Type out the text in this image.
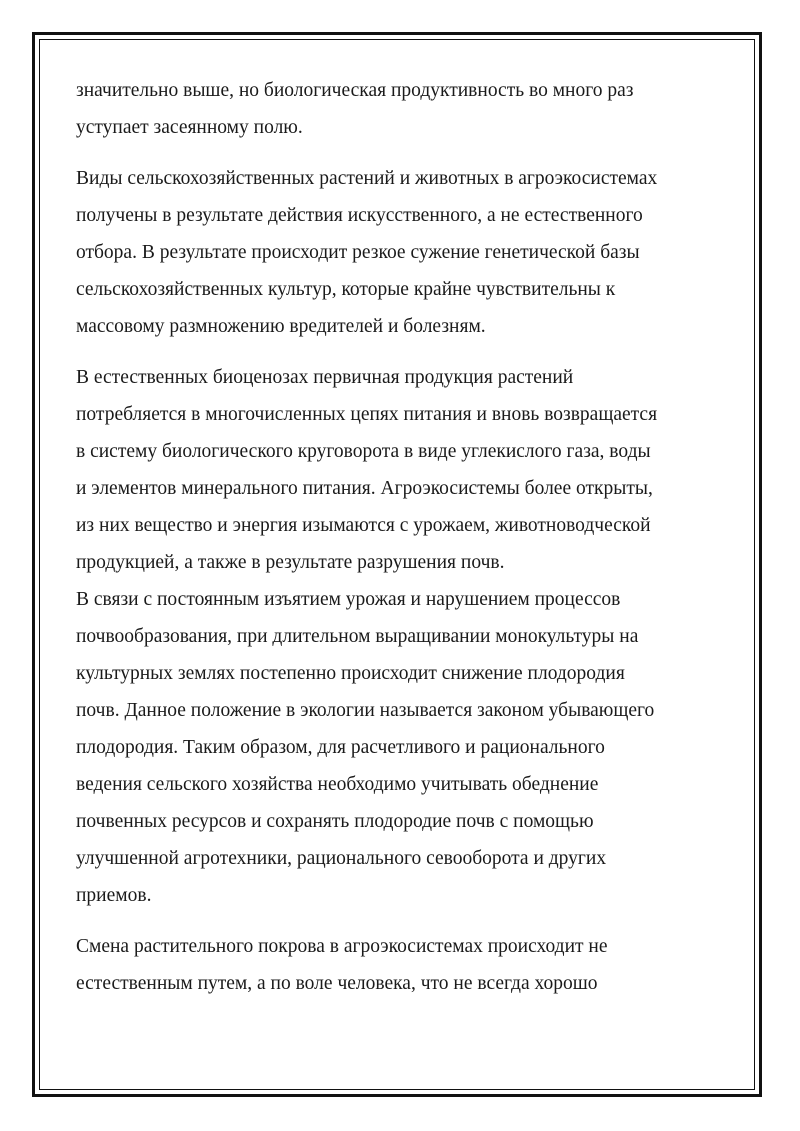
значительно выше, но биологическая продуктивность во много раз
уступает засеянному полю.

Виды сельскохозяйственных растений и животных в агроэкосистемах
получены в результате действия искусственного, а не естественного
отбора. В результате происходит резкое сужение генетической базы
сельскохозяйственных культур, которые крайне чувствительны к
массовому размножению вредителей и болезням.

В естественных биоценозах первичная продукция растений
потребляется в многочисленных цепях питания и вновь возвращается
в систему биологического круговорота в виде углекислого газа, воды
и элементов минерального питания. Агроэкосистемы более открыты,
из них вещество и энергия изымаются с урожаем, животноводческой
продукцией, а также в результате разрушения почв.

В связи с постоянным изъятием урожая и нарушением процессов
почвообразования, при длительном выращивании монокультуры на
культурных землях постепенно происходит снижение плодородия
почв. Данное положение в экологии называется законом убывающего
плодородия. Таким образом, для расчетливого и рационального
ведения сельского хозяйства необходимо учитывать обеднение
почвенных ресурсов и сохранять плодородие почв с помощью
улучшенной агротехники, рационального севооборота и других
приемов.

Смена растительного покрова в агроэкосистемах происходит не
естественным путем, а по воле человека, что не всегда хорошо
